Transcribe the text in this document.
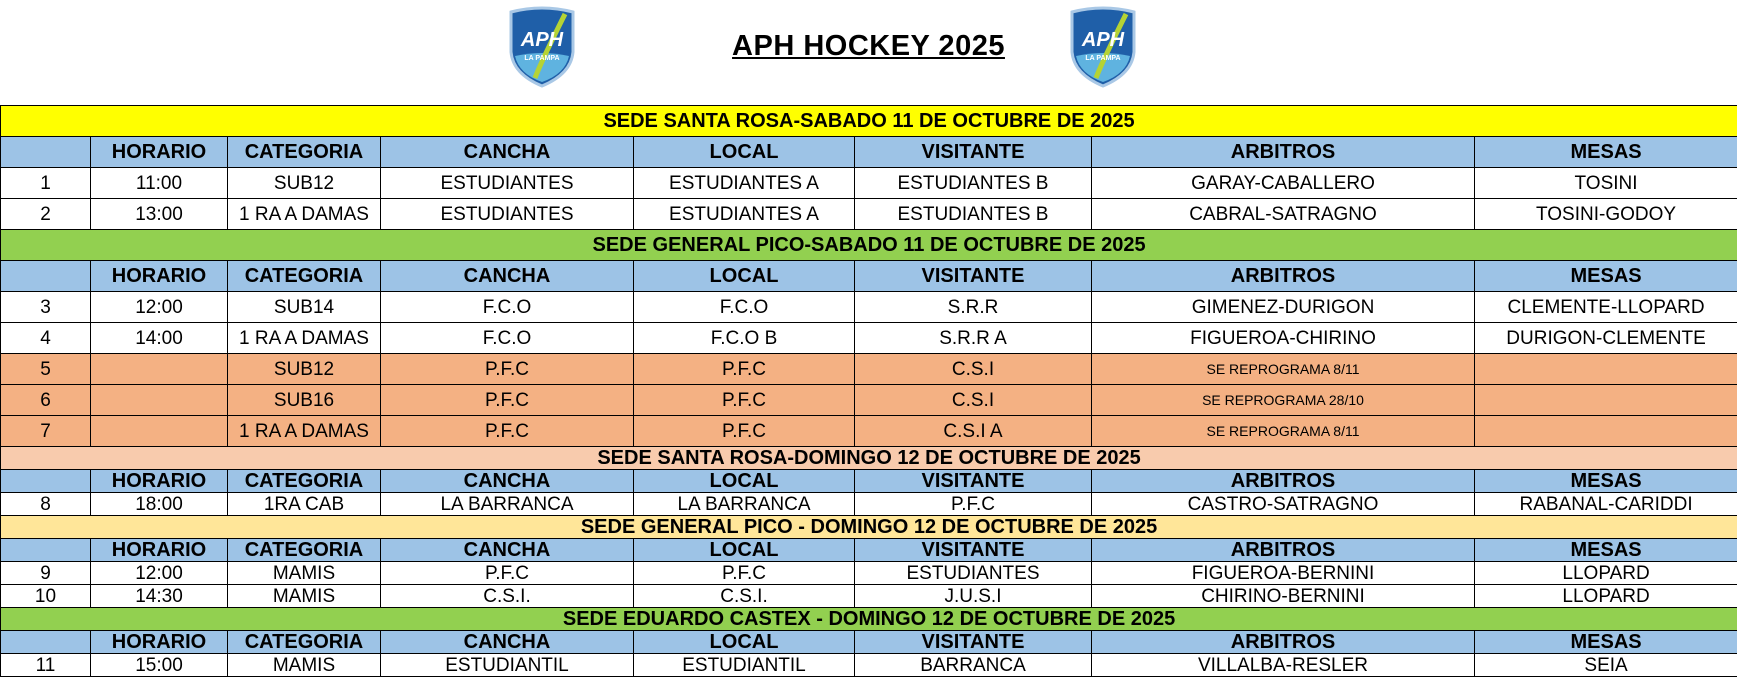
APH
LA PAMPA	APH HOCKEY 2025	APH
LA PAMPA
SEDE SANTA ROSA-SABADO 11 DE OCTUBRE DE 2025							
	HORARIO	CATEGORIA	CANCHA	LOCAL	VISITANTE	ARBITROS	MESAS
1	11:00	SUB12	ESTUDIANTES	ESTUDIANTES A	ESTUDIANTES B	GARAY-CABALLERO	TOSINI
2	13:00	1 RA A DAMAS	ESTUDIANTES	ESTUDIANTES A	ESTUDIANTES B	CABRAL-SATRAGNO	TOSINI-GODOY
SEDE GENERAL PICO-SABADO 11 DE OCTUBRE DE 2025							
	HORARIO	CATEGORIA	CANCHA	LOCAL	VISITANTE	ARBITROS	MESAS
3	12:00	SUB14	F.C.O	F.C.O	S.R.R	GIMENEZ-DURIGON	CLEMENTE-LLOPARD
4	14:00	1 RA A DAMAS	F.C.O	F.C.O B	S.R.R A	FIGUEROA-CHIRINO	DURIGON-CLEMENTE
5		SUB12	P.F.C	P.F.C	C.S.I	SE REPROGRAMA 8/11	
6		SUB16	P.F.C	P.F.C	C.S.I	SE REPROGRAMA 28/10	
7		1 RA A DAMAS	P.F.C	P.F.C	C.S.I A	SE REPROGRAMA 8/11	
SEDE SANTA ROSA-DOMINGO 12 DE OCTUBRE DE 2025							
	HORARIO	CATEGORIA	CANCHA	LOCAL	VISITANTE	ARBITROS	MESAS
8	18:00	1RA CAB	LA BARRANCA	LA BARRANCA	P.F.C	CASTRO-SATRAGNO	RABANAL-CARIDDI
SEDE GENERAL PICO - DOMINGO 12 DE OCTUBRE DE 2025							
	HORARIO	CATEGORIA	CANCHA	LOCAL	VISITANTE	ARBITROS	MESAS
9	12:00	MAMIS	P.F.C	P.F.C	ESTUDIANTES	FIGUEROA-BERNINI	LLOPARD
10	14:30	MAMIS	C.S.I.	C.S.I.	J.U.S.I	CHIRINO-BERNINI	LLOPARD
SEDE EDUARDO CASTEX - DOMINGO 12 DE OCTUBRE DE 2025							
	HORARIO	CATEGORIA	CANCHA	LOCAL	VISITANTE	ARBITROS	MESAS
11	15:00	MAMIS	ESTUDIANTIL	ESTUDIANTIL	BARRANCA	VILLALBA-RESLER	SEIA
